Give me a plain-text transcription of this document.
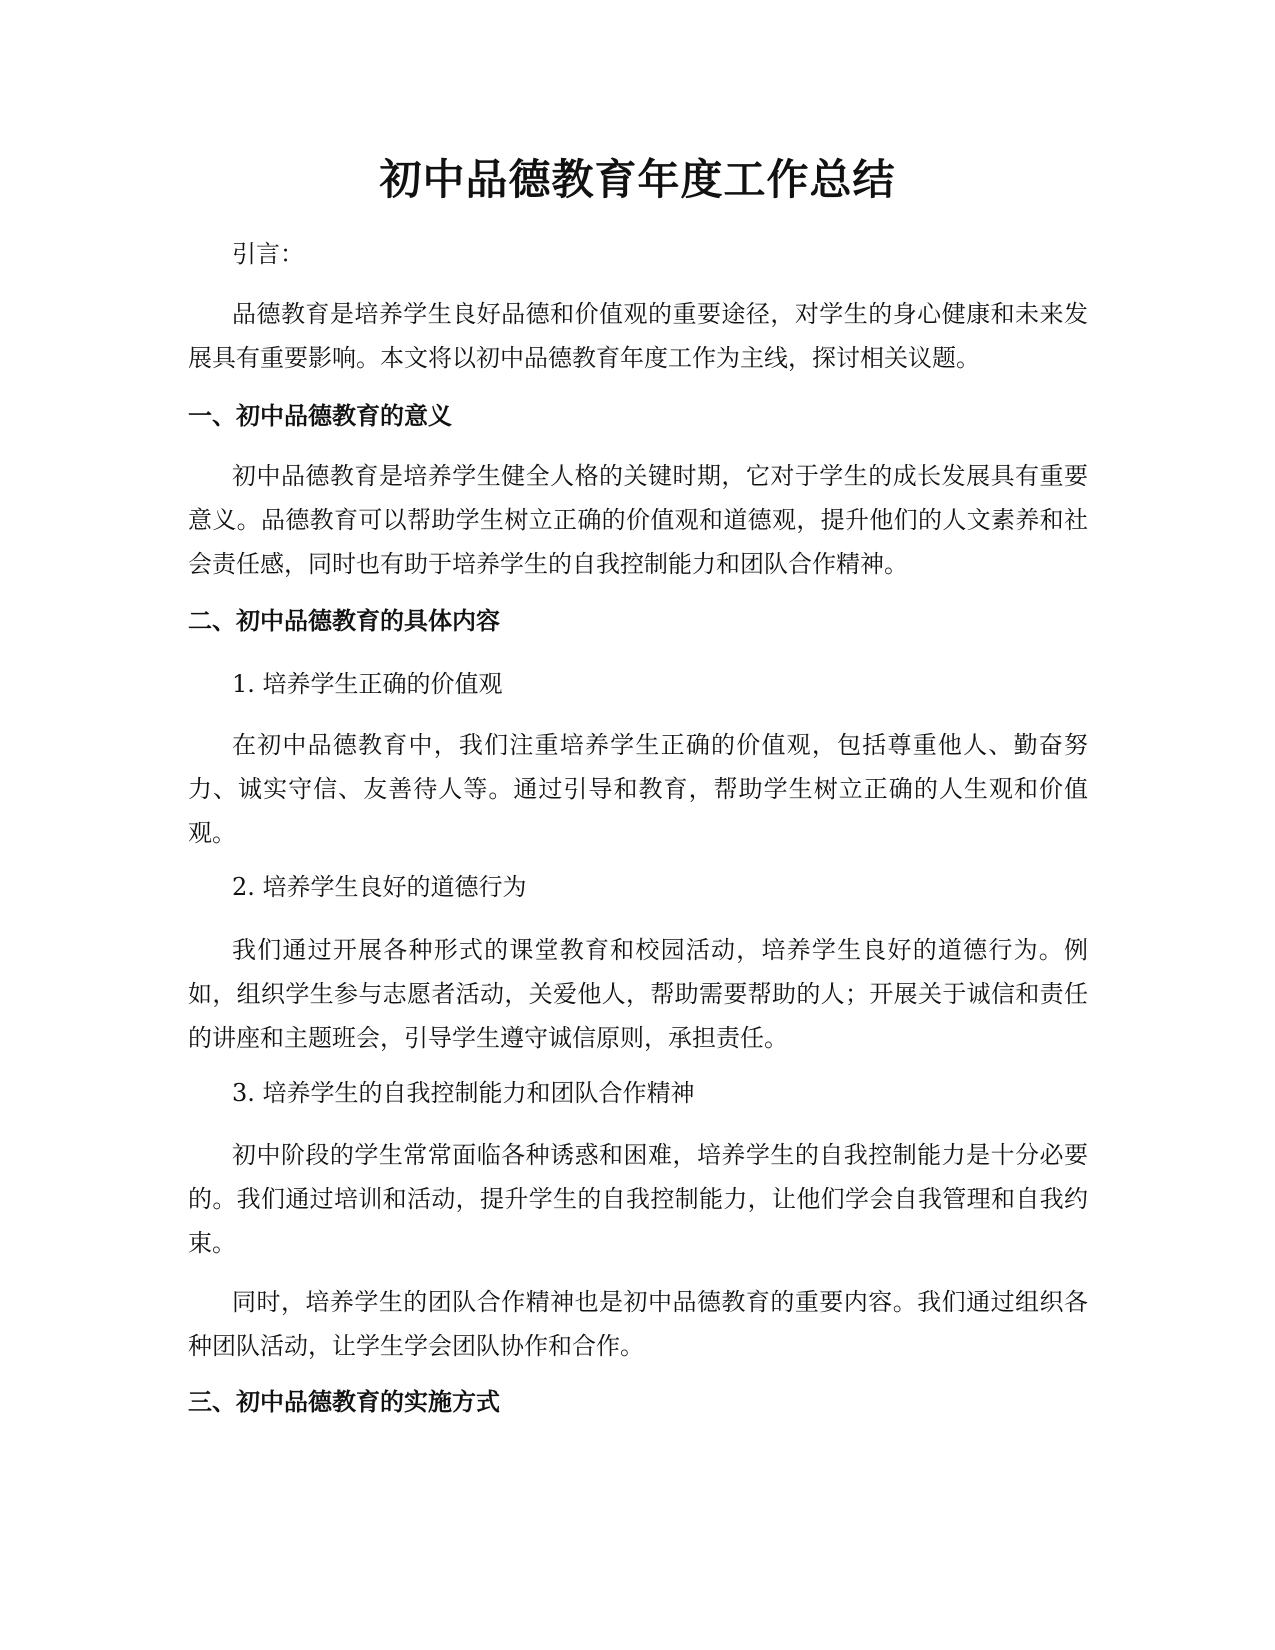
初中品德教育年度工作总结
引言：
品德教育是培养学生良好品德和价值观的重要途径，对学生的身心健康和未来发展具有重要影响。本文将以初中品德教育年度工作为主线，探讨相关议题。
一、初中品德教育的意义
初中品德教育是培养学生健全人格的关键时期，它对于学生的成长发展具有重要意义。品德教育可以帮助学生树立正确的价值观和道德观，提升他们的人文素养和社会责任感，同时也有助于培养学生的自我控制能力和团队合作精神。
二、初中品德教育的具体内容
1. 培养学生正确的价值观
在初中品德教育中，我们注重培养学生正确的价值观，包括尊重他人、勤奋努力、诚实守信、友善待人等。通过引导和教育，帮助学生树立正确的人生观和价值观。
2. 培养学生良好的道德行为
我们通过开展各种形式的课堂教育和校园活动，培养学生良好的道德行为。例如，组织学生参与志愿者活动，关爱他人，帮助需要帮助的人；开展关于诚信和责任的讲座和主题班会，引导学生遵守诚信原则，承担责任。
3. 培养学生的自我控制能力和团队合作精神
初中阶段的学生常常面临各种诱惑和困难，培养学生的自我控制能力是十分必要的。我们通过培训和活动，提升学生的自我控制能力，让他们学会自我管理和自我约束。
同时，培养学生的团队合作精神也是初中品德教育的重要内容。我们通过组织各种团队活动，让学生学会团队协作和合作。
三、初中品德教育的实施方式
